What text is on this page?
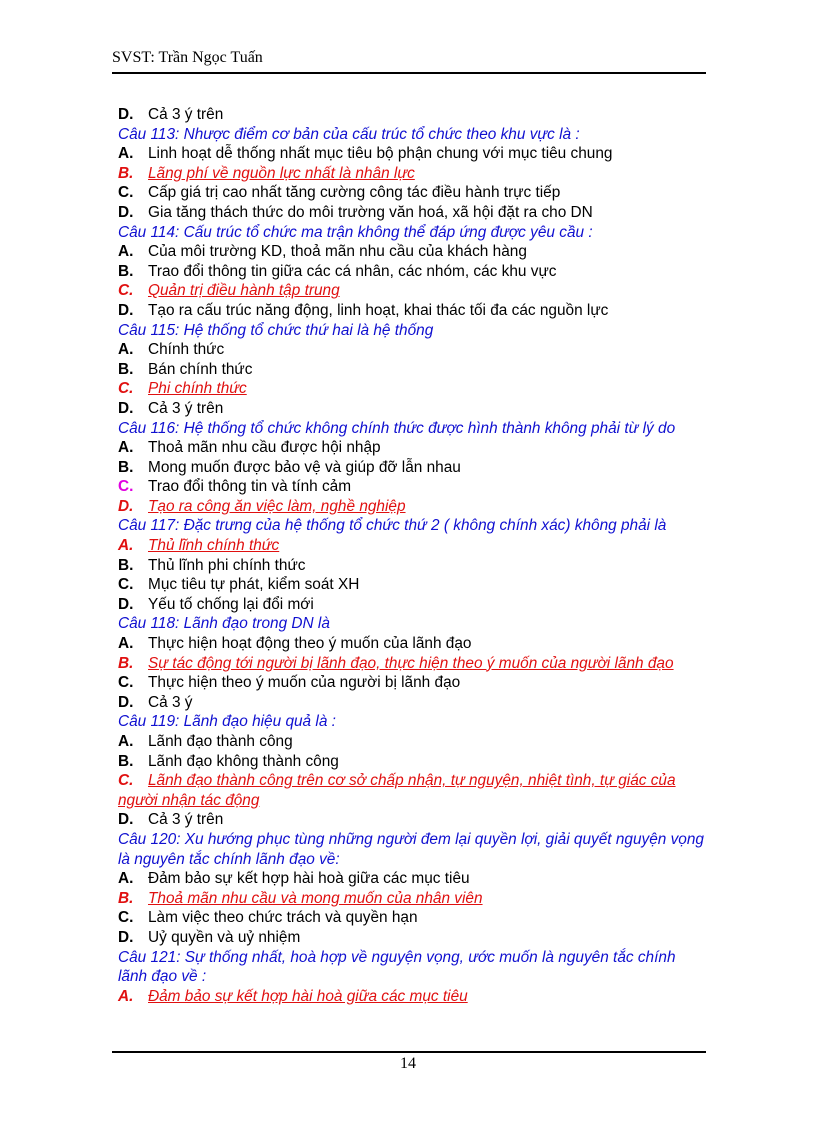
SVST: Trần Ngọc Tuấn
D. Cả 3 ý trên
Câu 113: Nhược điểm cơ bản của cấu trúc tổ chức theo khu vực là :
A. Linh hoạt dễ thống nhất mục tiêu bộ phận chung với mục tiêu chung
B. Lãng phí về nguồn lực nhất là nhân lực
C. Cấp giá trị cao nhất tăng cường công tác điều hành trực tiếp
D. Gia tăng thách thức do môi trường văn hoá, xã hội đặt ra cho DN
Câu 114: Cấu trúc tổ chức ma trận không thể đáp ứng được yêu cầu :
A. Của môi trường KD, thoả mãn nhu cầu của khách hàng
B. Trao đổi thông tin giữa các cá nhân, các nhóm, các khu vực
C. Quản trị điều hành tập trung
D. Tạo ra cấu trúc năng động, linh hoạt, khai thác tối đa các nguồn lực
Câu 115: Hệ thống tổ chức thứ hai là hệ thống
A. Chính thức
B. Bán chính thức
C. Phi chính thức
D. Cả 3 ý trên
Câu 116: Hệ thống tổ chức không chính thức được hình thành không phải từ lý do
A. Thoả mãn nhu cầu được hội nhập
B. Mong muốn được bảo vệ và giúp đỡ lẫn nhau
C. Trao đổi thông tin và tính cảm
D. Tạo ra công ăn việc làm, nghề nghiệp
Câu 117: Đặc trưng của hệ thống tổ chức thứ 2 ( không chính xác) không phải là
A. Thủ lĩnh chính thức
B. Thủ lĩnh phi chính thức
C. Mục tiêu tự phát, kiểm soát XH
D. Yếu tố chống lại đổi mới
Câu 118: Lãnh đạo trong DN là
A. Thực hiện hoạt động theo ý muốn của lãnh đạo
B. Sự tác động tới người bị lãnh đạo, thực hiện theo ý muốn của người lãnh đạo
C. Thực hiện theo ý muốn của người bị lãnh đạo
D. Cả 3 ý
Câu 119: Lãnh đạo hiệu quả là :
A. Lãnh đạo thành công
B. Lãnh đạo không thành công
C. Lãnh đạo thành công trên cơ sở chấp nhận, tự nguyện, nhiệt tình, tự giác của người nhận tác động
D. Cả 3 ý trên
Câu 120: Xu hướng phục tùng những người đem lại quyền lợi, giải quyết nguyện vọng là nguyên tắc chính lãnh đạo về:
A. Đảm bảo sự kết hợp hài hoà giữa các mục tiêu
B. Thoả mãn nhu cầu và mong muốn của nhân viên
C. Làm việc theo chức trách và quyền hạn
D. Uỷ quyền và uỷ nhiệm
Câu 121: Sự thống nhất, hoà hợp về nguyện vọng, ước muốn là nguyên tắc chính lãnh đạo về :
A. Đảm bảo sự kết hợp hài hoà giữa các mục tiêu
14
